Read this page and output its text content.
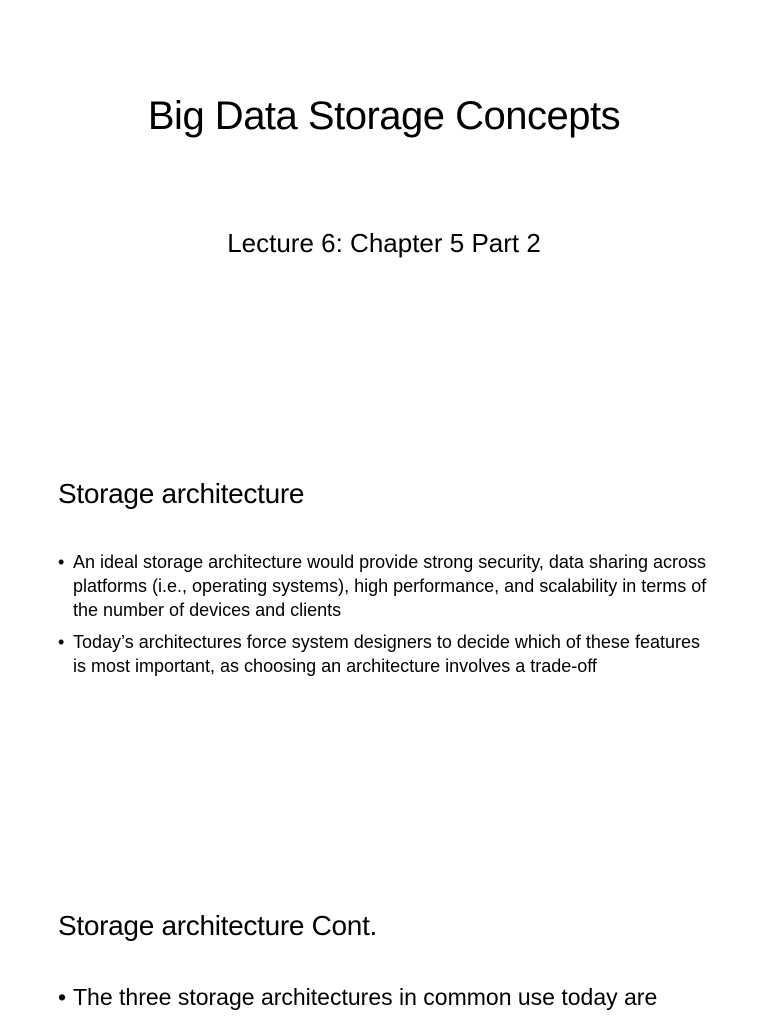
Big Data Storage Concepts
Lecture 6: Chapter 5 Part 2
Storage architecture
• An ideal storage architecture would provide strong security, data sharing across platforms (i.e., operating systems), high performance, and scalability in terms of the number of devices and clients
• Today’s architectures force system designers to decide which of these features is most important, as choosing an architecture involves a trade-off
Storage architecture Cont.
• The three storage architectures in common use today are
